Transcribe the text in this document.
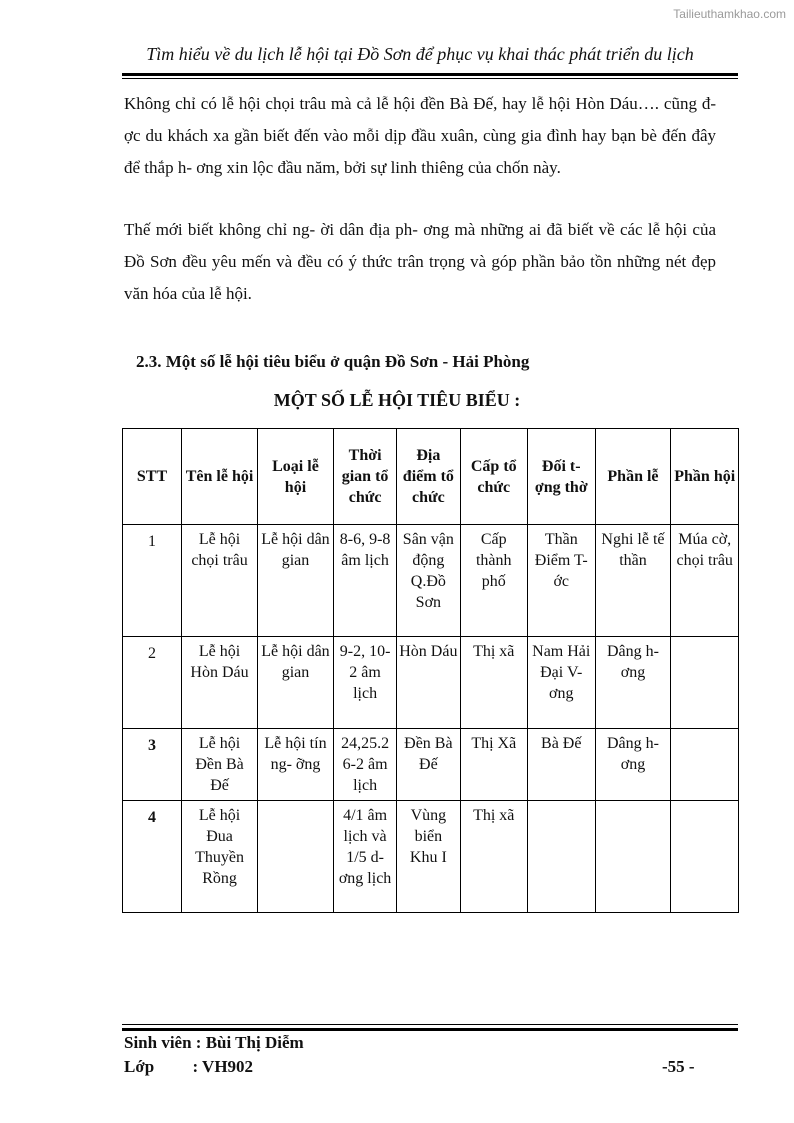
Tailieuthamkhao.com
Tìm hiểu về du lịch lễ hội tại Đồ Sơn để phục vụ khai thác phát triển du lịch
Không chỉ có lễ hội chọi trâu mà cả lễ hội đền Bà Đế, hay lễ hội Hòn Dáu…. cũng đ- ợc du khách xa gần biết đến vào mỗi dịp đầu xuân, cùng gia đình hay bạn bè đến đây để thắp h- ơng xin lộc đầu năm, bởi sự linh thiêng của chốn này.
Thế mới biết không chỉ ng- ời dân địa ph- ơng mà những ai đã biết về các lễ hội của Đồ Sơn đều yêu mến và đều có ý thức trân trọng và góp phần bảo tồn những nét đẹp văn hóa của lễ hội.
2.3. Một số lễ hội tiêu biểu ở quận Đồ Sơn - Hải Phòng
MỘT SỐ LỄ HỘI TIÊU BIỂU :
STT	Tên lễ hội	Loại lễ hội	Thời gian tổ chức	Địa điểm tổ chức	Cấp tổ chức	Đối t- ợng thờ	Phần lễ	Phần hội
1	Lễ hội chọi trâu	Lễ hội dân gian	8-6, 9-8 âm lịch	Sân vận động Q.Đồ Sơn	Cấp thành phố	Thần Điểm T- ớc	Nghi lễ tế thần	Múa cờ, chọi trâu
2	Lễ hội Hòn Dáu	Lễ hội dân gian	9-2, 10-2 âm lịch	Hòn Dáu	Thị xã	Nam Hải Đại V- ơng	Dâng h- ơng	
3	Lễ hội Đền Bà Đế	Lễ hội tín ng- ỡng	24,25.2 6-2 âm lịch	Đền Bà Đế	Thị Xã	Bà Đế	Dâng h- ơng	
4	Lễ hội Đua Thuyền Rồng		4/1 âm lịch và 1/5 d- ơng lịch	Vùng biển Khu I	Thị xã			
Sinh viên : Bùi Thị Diễm
Lớp         : VH902	-55 -
